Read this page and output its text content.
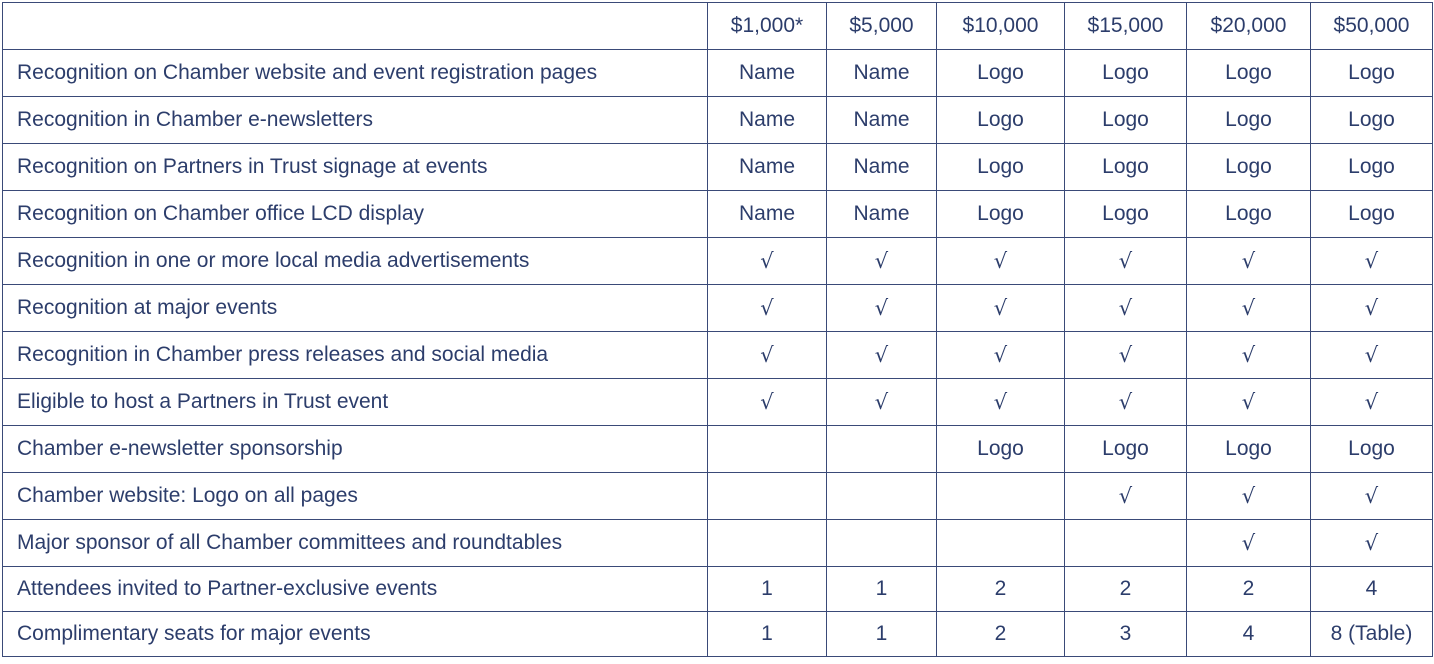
	$1,000*	$5,000	$10,000	$15,000	$20,000	$50,000
Recognition on Chamber website and event registration pages	Name	Name	Logo	Logo	Logo	Logo
Recognition in Chamber e-newsletters	Name	Name	Logo	Logo	Logo	Logo
Recognition on Partners in Trust signage at events	Name	Name	Logo	Logo	Logo	Logo
Recognition on Chamber office LCD display	Name	Name	Logo	Logo	Logo	Logo
Recognition in one or more local media advertisements	√	√	√	√	√	√
Recognition at major events	√	√	√	√	√	√
Recognition in Chamber press releases and social media	√	√	√	√	√	√
Eligible to host a Partners in Trust event	√	√	√	√	√	√
Chamber e-newsletter sponsorship			Logo	Logo	Logo	Logo
Chamber website: Logo on all pages				√	√	√
Major sponsor of all Chamber committees and roundtables					√	√
Attendees invited to Partner-exclusive events	1	1	2	2	2	4
Complimentary seats for major events	1	1	2	3	4	8 (Table)
